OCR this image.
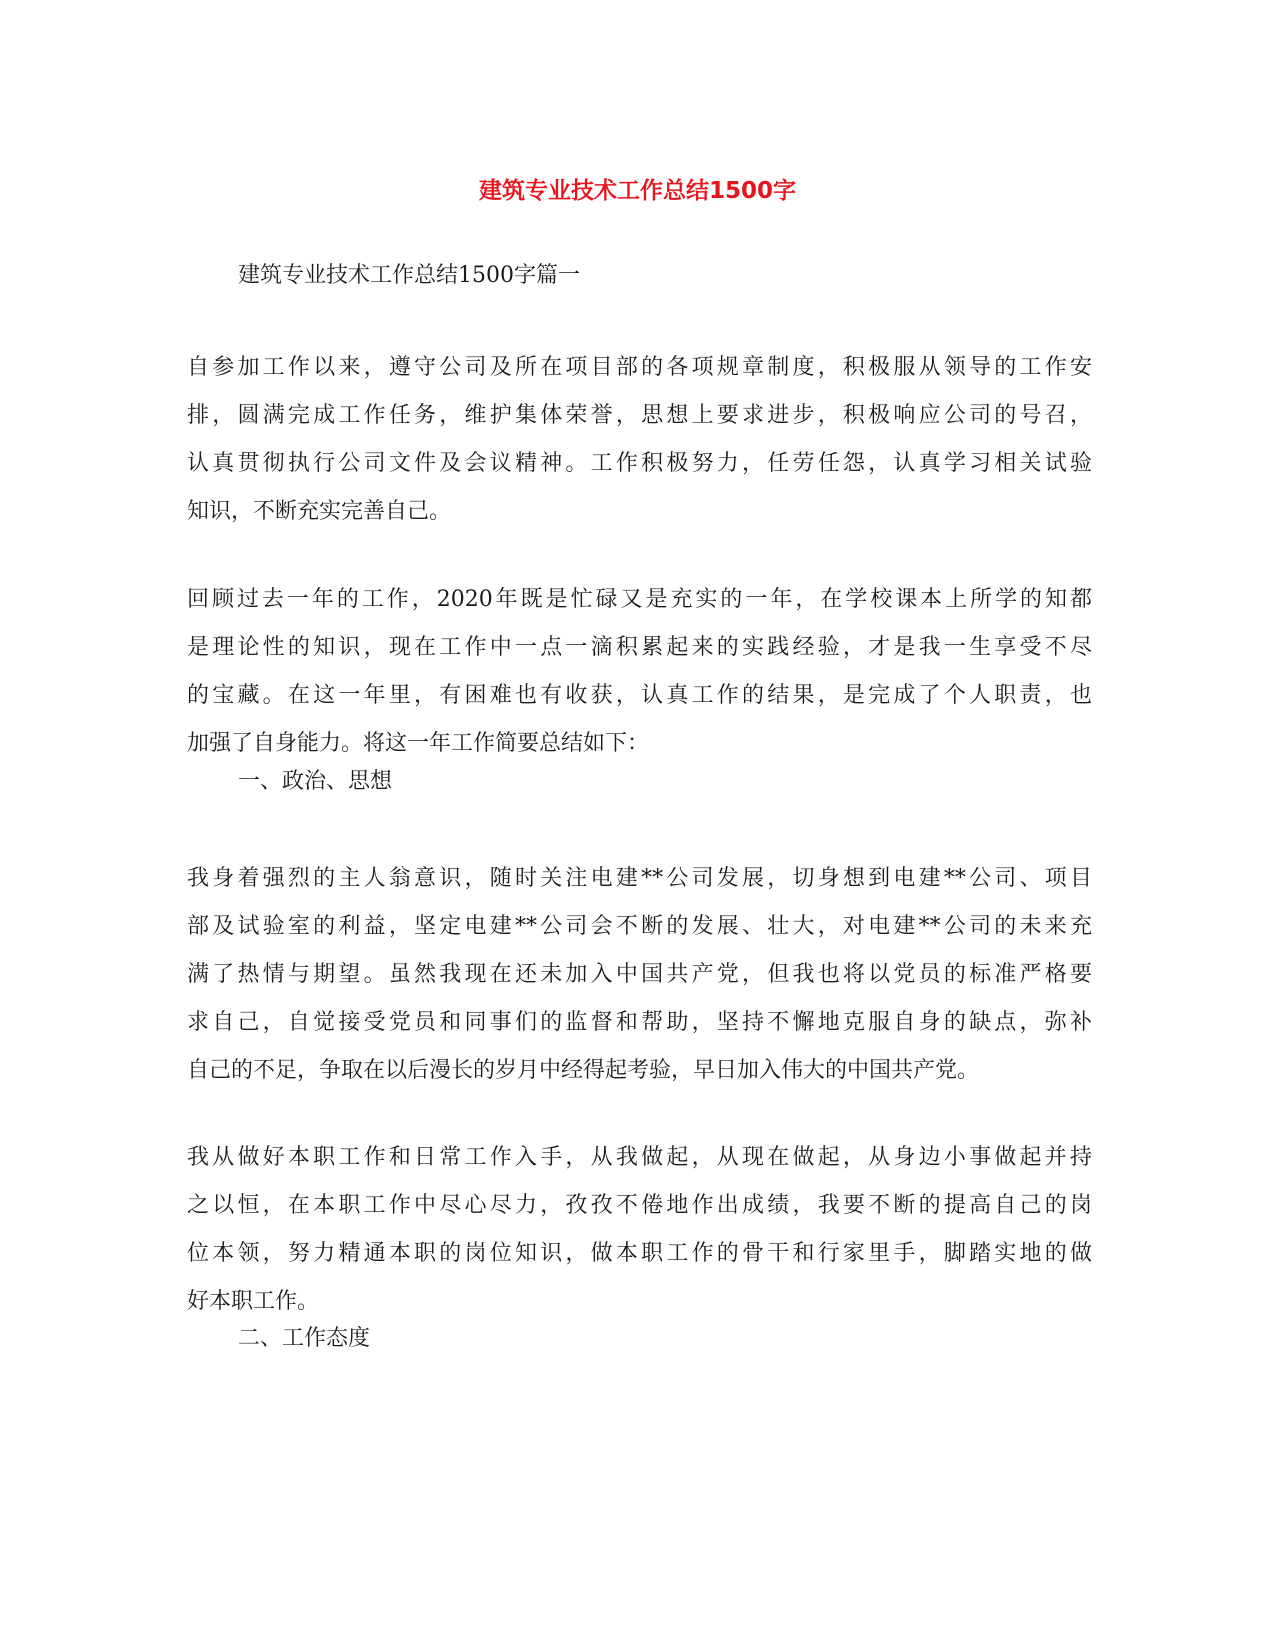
建筑专业技术工作总结1500字
建筑专业技术工作总结1500字篇一
自参加工作以来，遵守公司及所在项目部的各项规章制度，积极服从领导的工作安
排，圆满完成工作任务，维护集体荣誉，思想上要求进步，积极响应公司的号召，
认真贯彻执行公司文件及会议精神。工作积极努力，任劳任怨，认真学习相关试验
知识，不断充实完善自己。
回顾过去一年的工作，2020年既是忙碌又是充实的一年，在学校课本上所学的知都
是理论性的知识，现在工作中一点一滴积累起来的实践经验，才是我一生享受不尽
的宝藏。在这一年里，有困难也有收获，认真工作的结果，是完成了个人职责，也
加强了自身能力。将这一年工作简要总结如下：
一、政治、思想
我身着强烈的主人翁意识，随时关注电建**公司发展，切身想到电建**公司、项目
部及试验室的利益，坚定电建**公司会不断的发展、壮大，对电建**公司的未来充
满了热情与期望。虽然我现在还未加入中国共产党，但我也将以党员的标准严格要
求自己，自觉接受党员和同事们的监督和帮助，坚持不懈地克服自身的缺点，弥补
自己的不足，争取在以后漫长的岁月中经得起考验，早日加入伟大的中国共产党。
我从做好本职工作和日常工作入手，从我做起，从现在做起，从身边小事做起并持
之以恒，在本职工作中尽心尽力，孜孜不倦地作出成绩，我要不断的提高自己的岗
位本领，努力精通本职的岗位知识，做本职工作的骨干和行家里手，脚踏实地的做
好本职工作。
二、工作态度
